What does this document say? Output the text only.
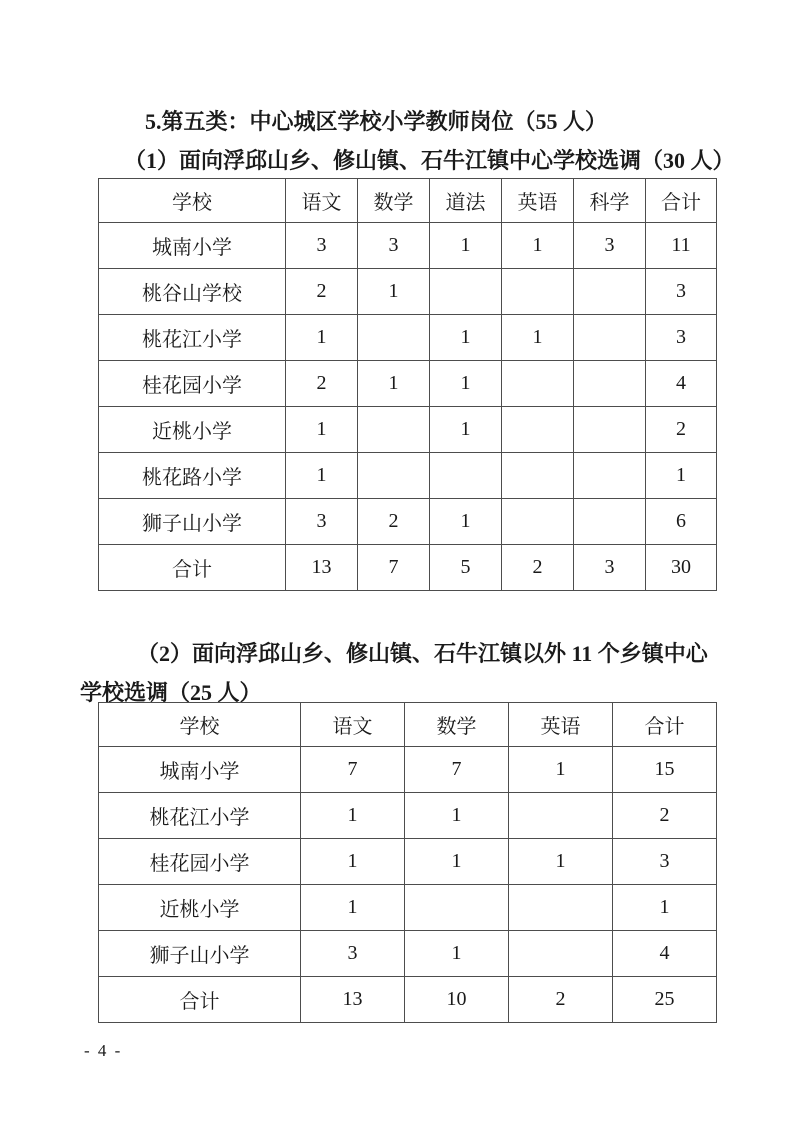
5.第五类：中心城区学校小学教师岗位（55 人）
（1）面向浮邱山乡、修山镇、石牛江镇中心学校选调（30 人）
学校	语文	数学	道法	英语	科学	合计
城南小学	3	3	1	1	3	11
桃谷山学校	2	1				3
桃花江小学	1		1	1		3
桂花园小学	2	1	1			4
近桃小学	1		1			2
桃花路小学	1					1
狮子山小学	3	2	1			6
合计	13	7	5	2	3	30
（2）面向浮邱山乡、修山镇、石牛江镇以外 11 个乡镇中心
学校选调（25 人）
学校	语文	数学	英语	合计
城南小学	7	7	1	15
桃花江小学	1	1		2
桂花园小学	1	1	1	3
近桃小学	1			1
狮子山小学	3	1		4
合计	13	10	2	25
- 4 -
